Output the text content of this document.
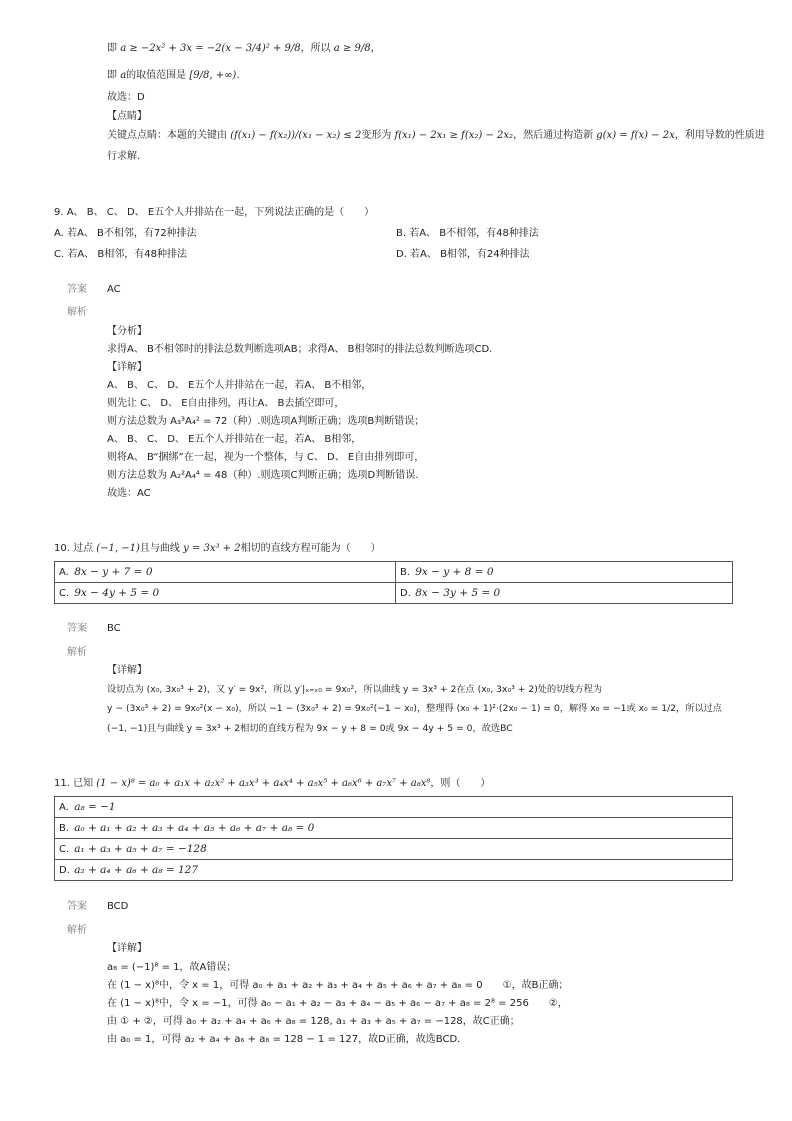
即 a ≥ −2x² + 3x = −2(x − 3/4)² + 9/8，所以 a ≥ 9/8，
即 a的取值范围是 [9/8, +∞).
故选：D
【点睛】
关键点点睛：本题的关键由 (f(x₁) − f(x₂))/(x₁ − x₂) ≤ 2变形为 f(x₁) − 2x₁ ≥ f(x₂) − 2x₂，然后通过构造新 g(x) = f(x) − 2x，利用导数的性质进
行求解.
9. A、 B、 C、 D、 E五个人并排站在一起，下列说法正确的是（　　）
A. 若A、 B不相邻，有72种排法	B. 若A、 B不相邻，有48种排法
C. 若A、 B相邻，有48种排法	D. 若A、 B相邻，有24种排法
答案 AC
解析
【分析】
求得A、 B不相邻时的排法总数判断选项AB；求得A、 B相邻时的排法总数判断选项CD.
【详解】
A、 B、 C、 D、 E五个人并排站在一起，若A、 B不相邻，
则先让 C、 D、 E自由排列，再让A、 B去插空即可，
则方法总数为 A₃³A₄² = 72（种）.则选项A判断正确；选项B判断错误；
A、 B、 C、 D、 E五个人并排站在一起，若A、 B相邻，
则将A、 B“捆绑”在一起，视为一个整体，与 C、 D、 E自由排列即可，
则方法总数为 A₂²A₄⁴ = 48（种）.则选项C判断正确；选项D判断错误.
故选：AC
10. 过点 (−1, −1)且与曲线 y = 3x³ + 2相切的直线方程可能为（　　）
A. 8x − y + 7 = 0	B. 9x − y + 8 = 0
C. 9x − 4y + 5 = 0	D. 8x − 3y + 5 = 0
答案 BC
解析
【详解】
设切点为 (x₀, 3x₀³ + 2)，又 y′ = 9x²，所以 y′|ₓ₌ₓ₀ = 9x₀²，所以曲线 y = 3x³ + 2在点 (x₀, 3x₀³ + 2)处的切线方程为
y − (3x₀³ + 2) = 9x₀²(x − x₀)，所以 −1 − (3x₀³ + 2) = 9x₀²(−1 − x₀)，整理得 (x₀ + 1)²·(2x₀ − 1) = 0，解得 x₀ = −1或 x₀ = 1/2，所以过点
(−1, −1)且与曲线 y = 3x³ + 2相切的直线方程为 9x − y + 8 = 0或 9x − 4y + 5 = 0，故选BC
11. 已知 (1 − x)⁸ = a₀ + a₁x + a₂x² + a₃x³ + a₄x⁴ + a₅x⁵ + a₆x⁶ + a₇x⁷ + a₈x⁸，则（　　）
A. a₈ = −1
B. a₀ + a₁ + a₂ + a₃ + a₄ + a₅ + a₆ + a₇ + a₈ = 0
C. a₁ + a₃ + a₅ + a₇ = −128
D. a₂ + a₄ + a₆ + a₈ = 127
答案 BCD
解析
【详解】
a₈ = (−1)⁸ = 1，故A错误；
在 (1 − x)⁸中，令 x = 1，可得 a₀ + a₁ + a₂ + a₃ + a₄ + a₅ + a₆ + a₇ + a₈ = 0　　①，故B正确；
在 (1 − x)⁸中，令 x = −1，可得 a₀ − a₁ + a₂ − a₃ + a₄ − a₅ + a₆ − a₇ + a₈ = 2⁸ = 256　　②，
由 ① + ②，可得 a₀ + a₂ + a₄ + a₆ + a₈ = 128, a₁ + a₃ + a₅ + a₇ = −128，故C正确；
由 a₀ = 1，可得 a₂ + a₄ + a₆ + a₈ = 128 − 1 = 127，故D正确，故选BCD.
